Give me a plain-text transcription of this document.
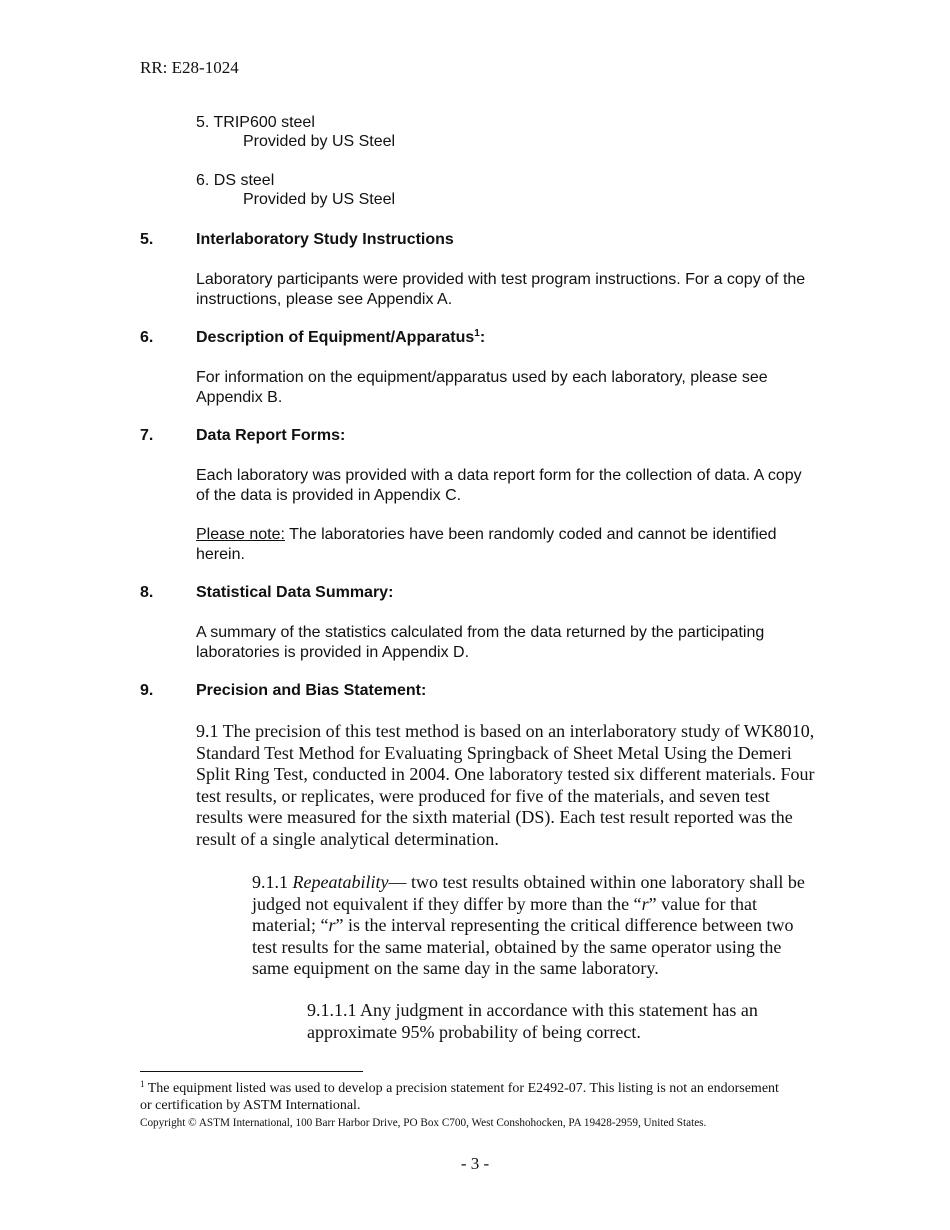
RR: E28-1024
5. TRIP600 steel
Provided by US Steel
6. DS steel
Provided by US Steel
5.	Interlaboratory Study Instructions
Laboratory participants were provided with test program instructions. For a copy of the instructions, please see Appendix A.
6.	Description of Equipment/Apparatus$^1$:
For information on the equipment/apparatus used by each laboratory, please see Appendix B.
7.	Data Report Forms:
Each laboratory was provided with a data report form for the collection of data. A copy of the data is provided in Appendix C.
Please note: The laboratories have been randomly coded and cannot be identified herein.
8.	Statistical Data Summary:
A summary of the statistics calculated from the data returned by the participating laboratories is provided in Appendix D.
9.	Precision and Bias Statement:
9.1 The precision of this test method is based on an interlaboratory study of WK8010, Standard Test Method for Evaluating Springback of Sheet Metal Using the Demeri Split Ring Test, conducted in 2004. One laboratory tested six different materials. Four test results, or replicates, were produced for five of the materials, and seven test results were measured for the sixth material (DS). Each test result reported was the result of a single analytical determination.
9.1.1 Repeatability— two test results obtained within one laboratory shall be judged not equivalent if they differ by more than the “r” value for that material; “r” is the interval representing the critical difference between two test results for the same material, obtained by the same operator using the same equipment on the same day in the same laboratory.
9.1.1.1 Any judgment in accordance with this statement has an approximate 95% probability of being correct.
$^1$ The equipment listed was used to develop a precision statement for E2492-07. This listing is not an endorsement or certification by ASTM International.
Copyright © ASTM International, 100 Barr Harbor Drive, PO Box C700, West Conshohocken, PA 19428-2959, United States.
- 3 -
